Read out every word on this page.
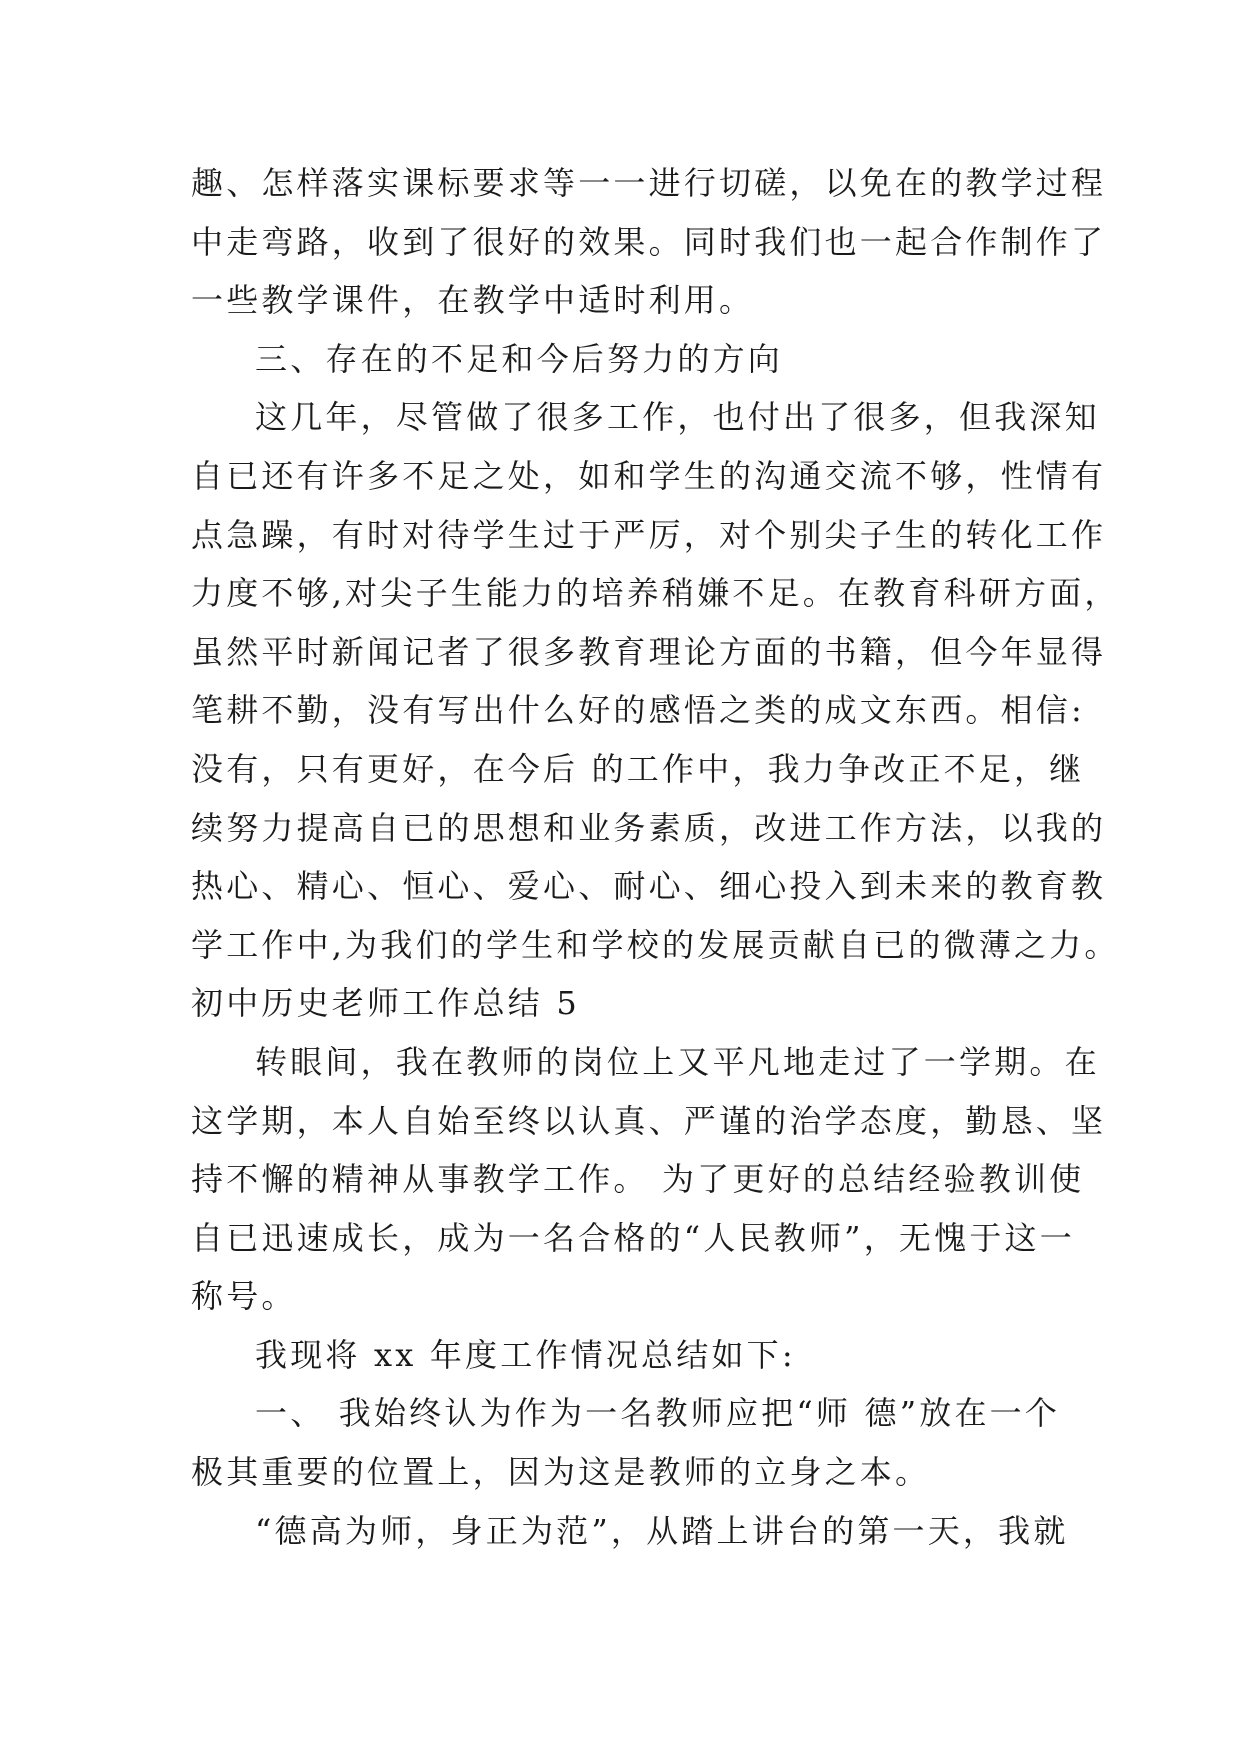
趣、怎样落实课标要求等一一进行切磋，以免在的教学过程
中走弯路，收到了很好的效果。同时我们也一起合作制作了
一些教学课件，在教学中适时利用。
三、存在的不足和今后努力的方向
这几年，尽管做了很多工作，也付出了很多，但我深知
自已还有许多不足之处，如和学生的沟通交流不够，性情有
点急躁，有时对待学生过于严厉，对个别尖子生的转化工作
力度不够,对尖子生能力的培养稍嫌不足。在教育科研方面，
虽然平时新闻记者了很多教育理论方面的书籍，但今年显得
笔耕不勤，没有写出什么好的感悟之类的成文东西。相信:
没有，只有更好，在今后 的工作中，我力争改正不足，继
续努力提高自已的思想和业务素质，改进工作方法，以我的
热心、精心、恒心、爱心、耐心、细心投入到未来的教育教
学工作中,为我们的学生和学校的发展贡献自已的微薄之力。
初中历史老师工作总结 5
转眼间，我在教师的岗位上又平凡地走过了一学期。在
这学期，本人自始至终以认真、严谨的治学态度，勤恳、坚
持不懈的精神从事教学工作。 为了更好的总结经验教训使
自已迅速成长，成为一名合格的“人民教师”，无愧于这一
称号。
我现将 xx 年度工作情况总结如下:
一、 我始终认为作为一名教师应把“师 德”放在一个
极其重要的位置上，因为这是教师的立身之本。
“德高为师，身正为范”，从踏上讲台的第一天，我就
